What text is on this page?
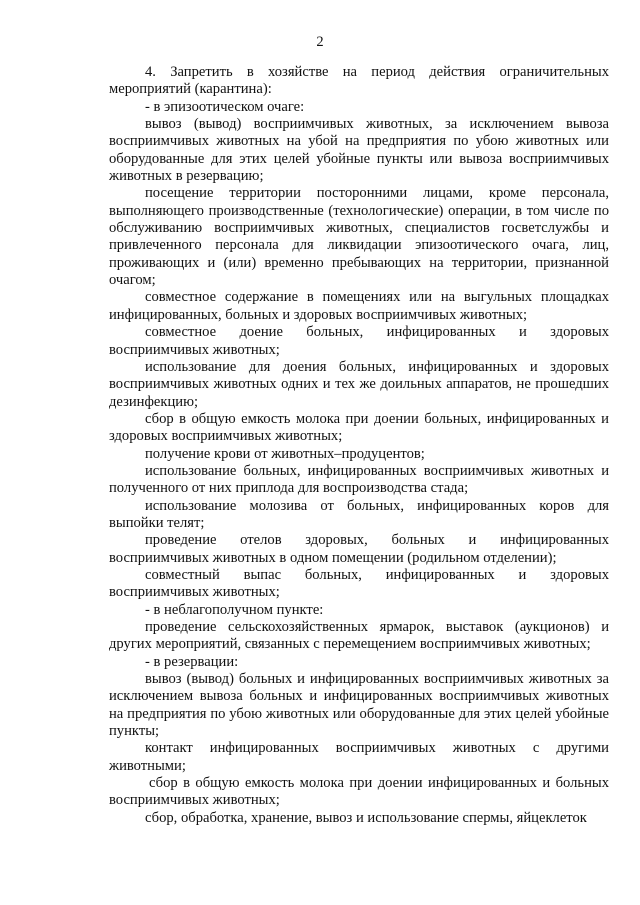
2

4. Запретить в хозяйстве на период действия ограничительных мероприятий (карантина):

- в эпизоотическом очаге:

вывоз (вывод) восприимчивых животных, за исключением вывоза восприимчивых животных на убой на предприятия по убою животных или оборудованные для этих целей убойные пункты или вывоза восприимчивых животных в резервацию;

посещение территории посторонними лицами, кроме персонала, выполняющего производственные (технологические) операции, в том числе по обслуживанию восприимчивых животных, специалистов госветслужбы и привлеченного персонала для ликвидации эпизоотического очага, лиц, проживающих и (или) временно пребывающих на территории, признанной очагом;

совместное содержание в помещениях или на выгульных площадках инфицированных, больных и здоровых восприимчивых животных;

совместное доение больных, инфицированных и здоровых восприимчивых животных;

использование для доения больных, инфицированных и здоровых восприимчивых животных одних и тех же доильных аппаратов, не прошедших дезинфекцию;

сбор в общую емкость молока при доении больных, инфицированных и здоровых восприимчивых животных;

получение крови от животных–продуцентов;

использование больных, инфицированных восприимчивых животных и полученного от них приплода для воспроизводства стада;

использование молозива от больных, инфицированных коров для выпойки телят;

проведение отелов здоровых, больных и инфицированных восприимчивых животных в одном помещении (родильном отделении);

совместный выпас больных, инфицированных и здоровых восприимчивых животных;

- в неблагополучном пункте:

проведение сельскохозяйственных ярмарок, выставок (аукционов) и других мероприятий, связанных с перемещением восприимчивых животных;

- в резервации:

вывоз (вывод) больных и инфицированных восприимчивых животных за исключением вывоза больных и инфицированных восприимчивых животных на предприятия по убою животных или оборудованные для этих целей убойные пункты;

контакт инфицированных восприимчивых животных с другими животными;

сбор в общую емкость молока при доении инфицированных и больных восприимчивых животных;

сбор, обработка, хранение, вывоз и использование спермы, яйцеклеток
